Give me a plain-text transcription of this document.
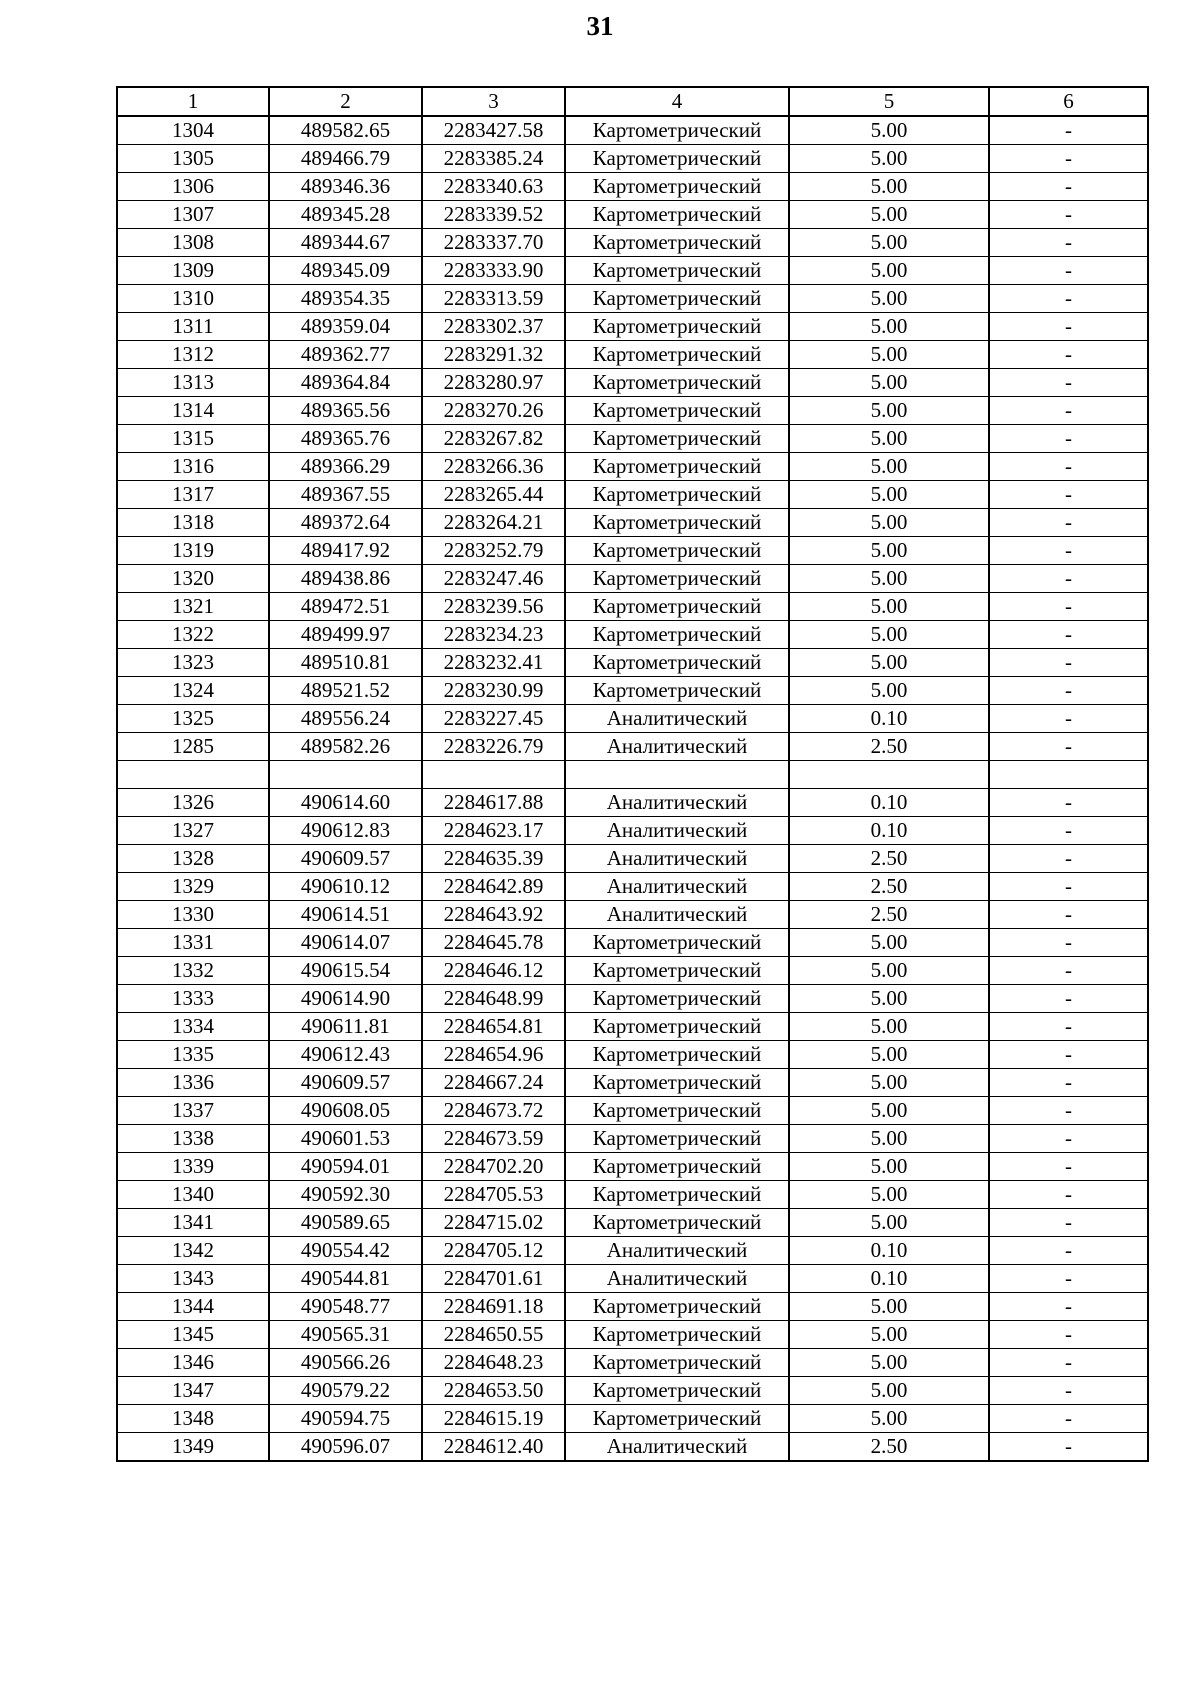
31
1	2	3	4	5	6
1304	489582.65	2283427.58	Картометрический	5.00	-
1305	489466.79	2283385.24	Картометрический	5.00	-
1306	489346.36	2283340.63	Картометрический	5.00	-
1307	489345.28	2283339.52	Картометрический	5.00	-
1308	489344.67	2283337.70	Картометрический	5.00	-
1309	489345.09	2283333.90	Картометрический	5.00	-
1310	489354.35	2283313.59	Картометрический	5.00	-
1311	489359.04	2283302.37	Картометрический	5.00	-
1312	489362.77	2283291.32	Картометрический	5.00	-
1313	489364.84	2283280.97	Картометрический	5.00	-
1314	489365.56	2283270.26	Картометрический	5.00	-
1315	489365.76	2283267.82	Картометрический	5.00	-
1316	489366.29	2283266.36	Картометрический	5.00	-
1317	489367.55	2283265.44	Картометрический	5.00	-
1318	489372.64	2283264.21	Картометрический	5.00	-
1319	489417.92	2283252.79	Картометрический	5.00	-
1320	489438.86	2283247.46	Картометрический	5.00	-
1321	489472.51	2283239.56	Картометрический	5.00	-
1322	489499.97	2283234.23	Картометрический	5.00	-
1323	489510.81	2283232.41	Картометрический	5.00	-
1324	489521.52	2283230.99	Картометрический	5.00	-
1325	489556.24	2283227.45	Аналитический	0.10	-
1285	489582.26	2283226.79	Аналитический	2.50	-

1326	490614.60	2284617.88	Аналитический	0.10	-
1327	490612.83	2284623.17	Аналитический	0.10	-
1328	490609.57	2284635.39	Аналитический	2.50	-
1329	490610.12	2284642.89	Аналитический	2.50	-
1330	490614.51	2284643.92	Аналитический	2.50	-
1331	490614.07	2284645.78	Картометрический	5.00	-
1332	490615.54	2284646.12	Картометрический	5.00	-
1333	490614.90	2284648.99	Картометрический	5.00	-
1334	490611.81	2284654.81	Картометрический	5.00	-
1335	490612.43	2284654.96	Картометрический	5.00	-
1336	490609.57	2284667.24	Картометрический	5.00	-
1337	490608.05	2284673.72	Картометрический	5.00	-
1338	490601.53	2284673.59	Картометрический	5.00	-
1339	490594.01	2284702.20	Картометрический	5.00	-
1340	490592.30	2284705.53	Картометрический	5.00	-
1341	490589.65	2284715.02	Картометрический	5.00	-
1342	490554.42	2284705.12	Аналитический	0.10	-
1343	490544.81	2284701.61	Аналитический	0.10	-
1344	490548.77	2284691.18	Картометрический	5.00	-
1345	490565.31	2284650.55	Картометрический	5.00	-
1346	490566.26	2284648.23	Картометрический	5.00	-
1347	490579.22	2284653.50	Картометрический	5.00	-
1348	490594.75	2284615.19	Картометрический	5.00	-
1349	490596.07	2284612.40	Аналитический	2.50	-
